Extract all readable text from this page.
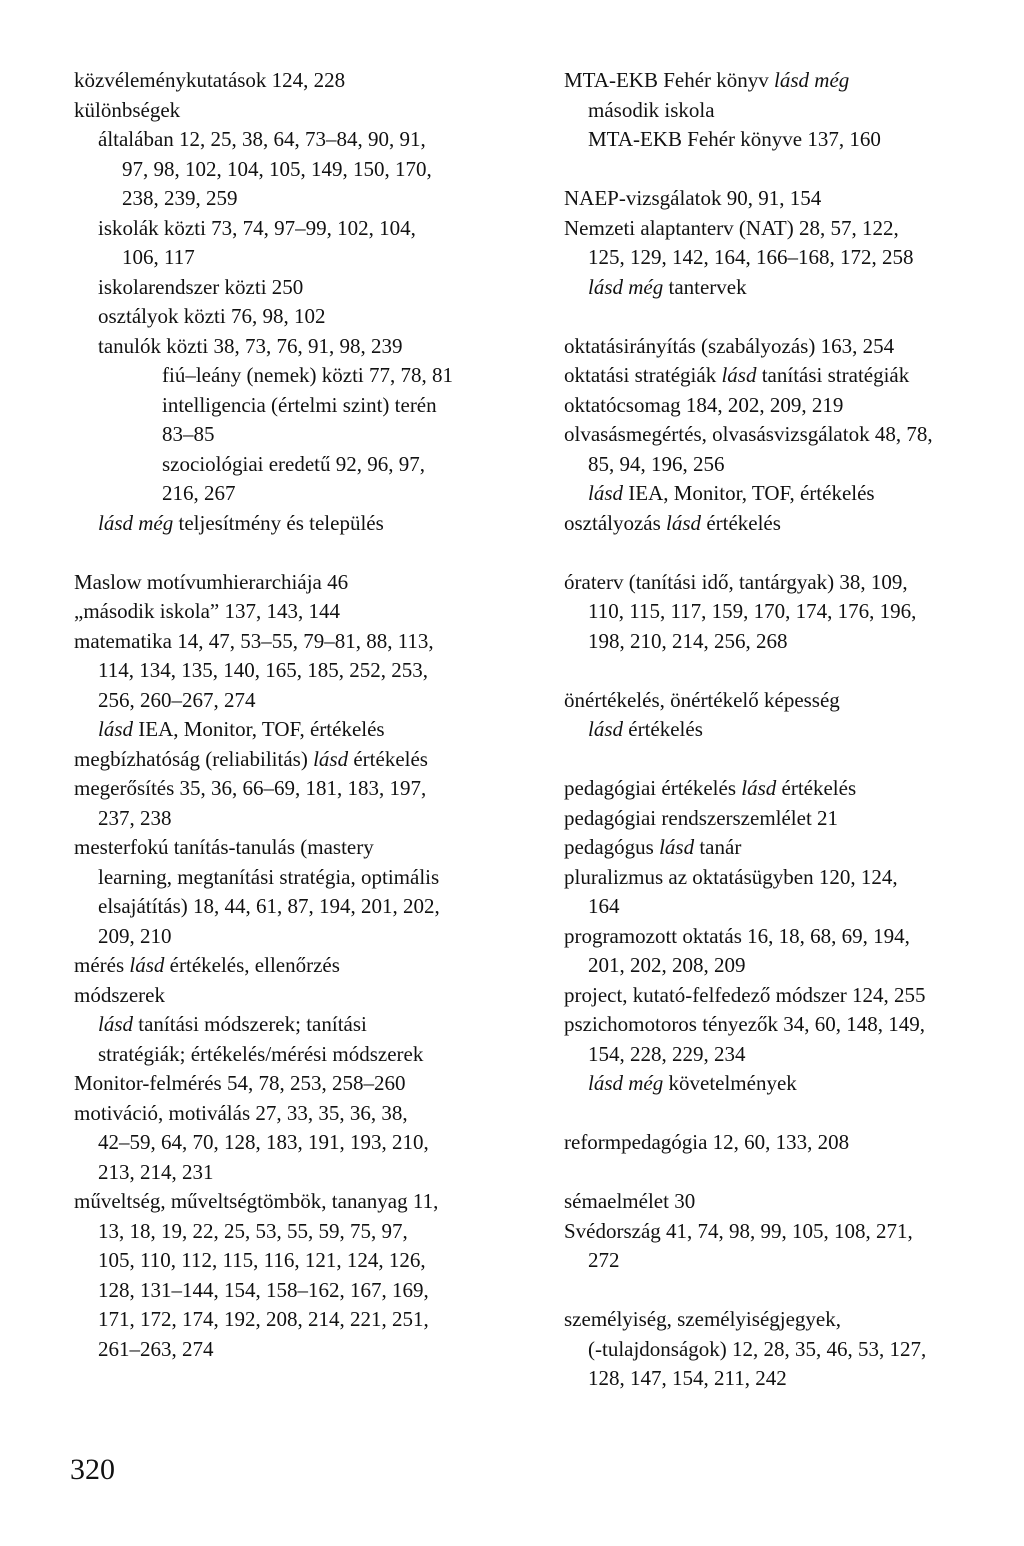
közvéleménykutatások 124, 228
különbségek
általában 12, 25, 38, 64, 73–84, 90, 91,
97, 98, 102, 104, 105, 149, 150, 170,
238, 239, 259
iskolák közti 73, 74, 97–99, 102, 104,
106, 117
iskolarendszer közti 250
osztályok közti 76, 98, 102
tanulók közti 38, 73, 76, 91, 98, 239
fiú–leány (nemek) közti 77, 78, 81
intelligencia (értelmi szint) terén
83–85
szociológiai eredetű 92, 96, 97,
216, 267
lásd még teljesítmény és település
Maslow motívumhierarchiája 46
„második iskola” 137, 143, 144
matematika 14, 47, 53–55, 79–81, 88, 113,
114, 134, 135, 140, 165, 185, 252, 253,
256, 260–267, 274
lásd IEA, Monitor, TOF, értékelés
megbízhatóság (reliabilitás) lásd értékelés
megerősítés 35, 36, 66–69, 181, 183, 197,
237, 238
mesterfokú tanítás-tanulás (mastery
learning, megtanítási stratégia, optimális
elsajátítás) 18, 44, 61, 87, 194, 201, 202,
209, 210
mérés lásd értékelés, ellenőrzés
módszerek
lásd tanítási módszerek; tanítási
stratégiák; értékelés/mérési módszerek
Monitor-felmérés 54, 78, 253, 258–260
motiváció, motiválás 27, 33, 35, 36, 38,
42–59, 64, 70, 128, 183, 191, 193, 210,
213, 214, 231
műveltség, műveltségtömbök, tananyag 11,
13, 18, 19, 22, 25, 53, 55, 59, 75, 97,
105, 110, 112, 115, 116, 121, 124, 126,
128, 131–144, 154, 158–162, 167, 169,
171, 172, 174, 192, 208, 214, 221, 251,
261–263, 274
MTA-EKB Fehér könyv lásd még
második iskola
MTA-EKB Fehér könyve 137, 160
NAEP-vizsgálatok 90, 91, 154
Nemzeti alaptanterv (NAT) 28, 57, 122,
125, 129, 142, 164, 166–168, 172, 258
lásd még tantervek
oktatásirányítás (szabályozás) 163, 254
oktatási stratégiák lásd tanítási stratégiák
oktatócsomag 184, 202, 209, 219
olvasásmegértés, olvasásvizsgálatok 48, 78,
85, 94, 196, 256
lásd IEA, Monitor, TOF, értékelés
osztályozás lásd értékelés
óraterv (tanítási idő, tantárgyak) 38, 109,
110, 115, 117, 159, 170, 174, 176, 196,
198, 210, 214, 256, 268
önértékelés, önértékelő képesség
lásd értékelés
pedagógiai értékelés lásd értékelés
pedagógiai rendszerszemlélet 21
pedagógus lásd tanár
pluralizmus az oktatásügyben 120, 124,
164
programozott oktatás 16, 18, 68, 69, 194,
201, 202, 208, 209
project, kutató-felfedező módszer 124, 255
pszichomotoros tényezők 34, 60, 148, 149,
154, 228, 229, 234
lásd még követelmények
reformpedagógia 12, 60, 133, 208
sémaelmélet 30
Svédország 41, 74, 98, 99, 105, 108, 271,
272
személyiség, személyiségjegyek,
(-tulajdonságok) 12, 28, 35, 46, 53, 127,
128, 147, 154, 211, 242
320
